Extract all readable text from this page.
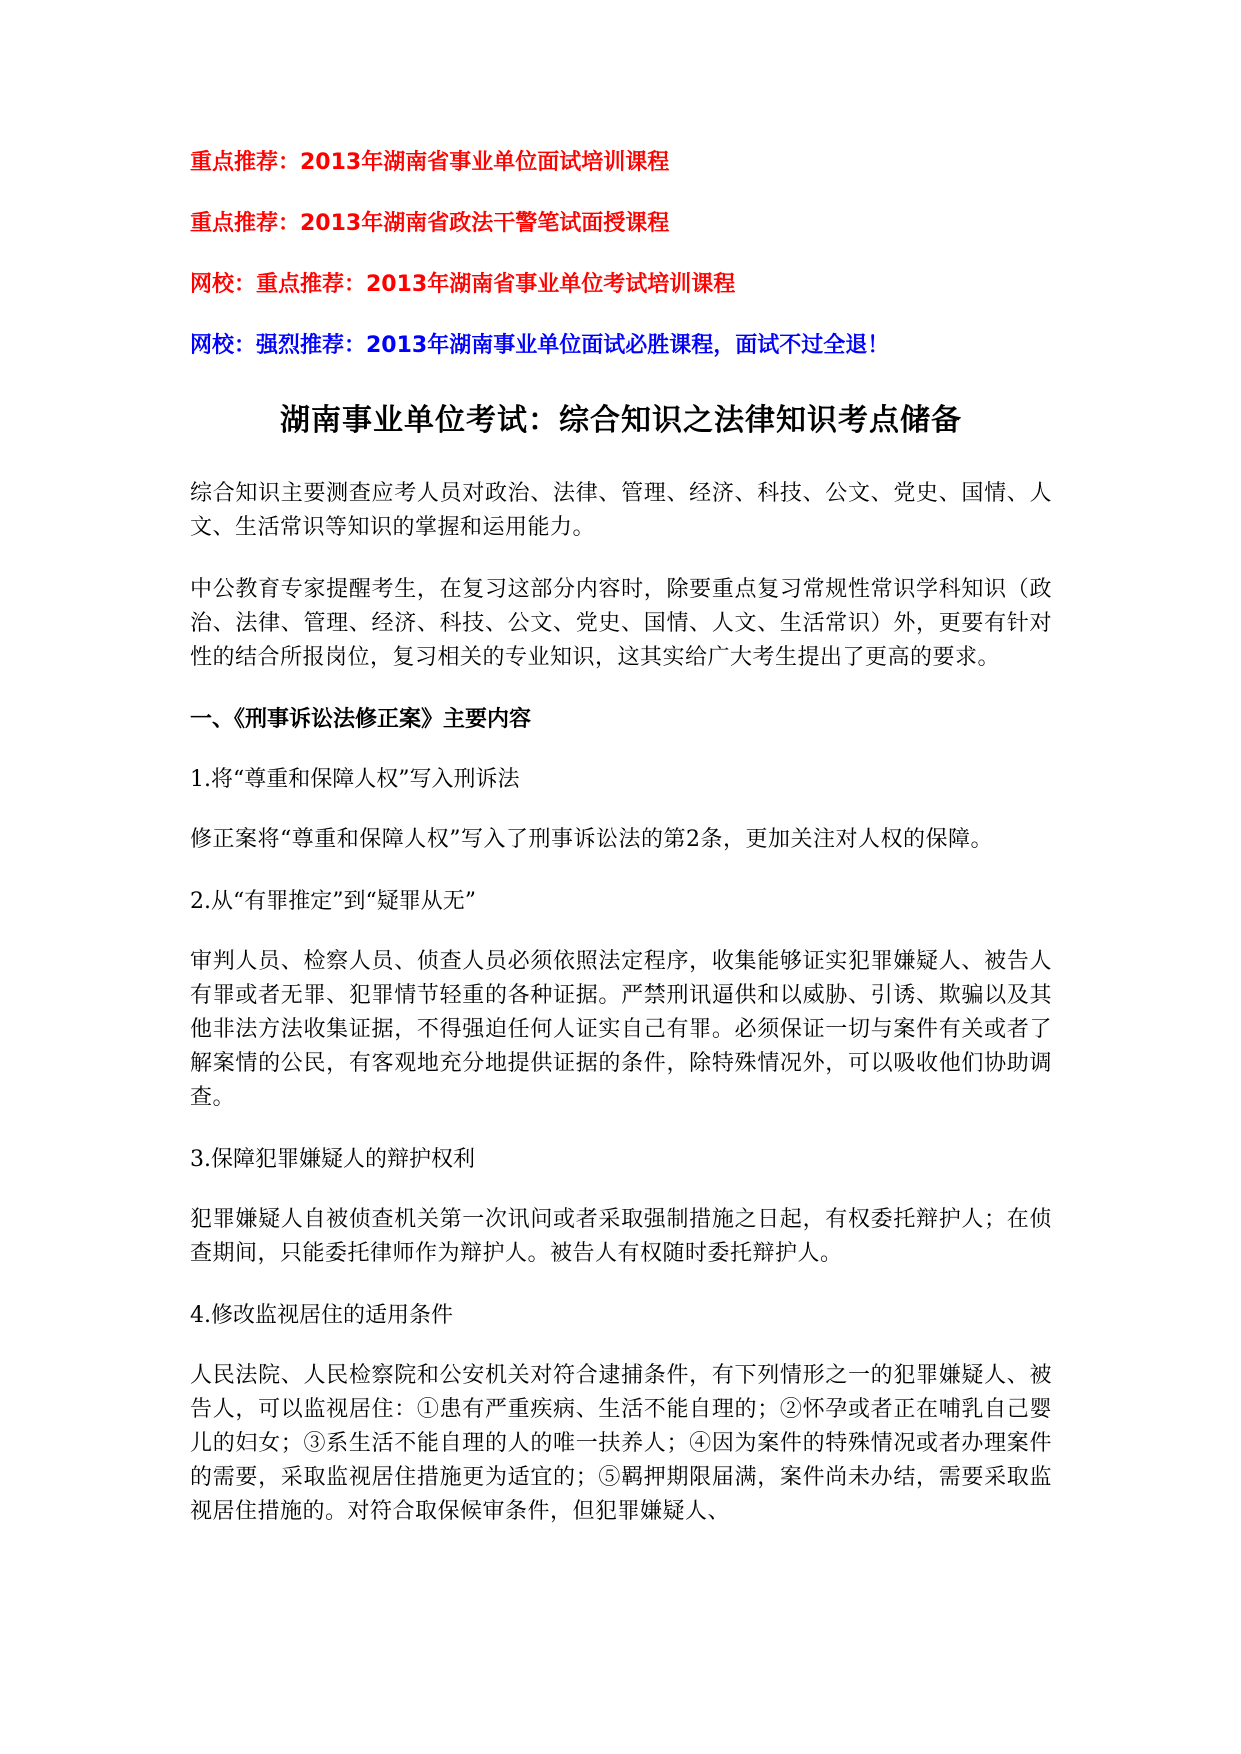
重点推荐：2013年湖南省事业单位面试培训课程
重点推荐：2013年湖南省政法干警笔试面授课程
网校：重点推荐：2013年湖南省事业单位考试培训课程
网校：强烈推荐：2013年湖南事业单位面试必胜课程，面试不过全退！
湖南事业单位考试：综合知识之法律知识考点储备

综合知识主要测查应考人员对政治、法律、管理、经济、科技、公文、党史、国情、人文、生活常识等知识的掌握和运用能力。

中公教育专家提醒考生，在复习这部分内容时，除要重点复习常规性常识学科知识（政治、法律、管理、经济、科技、公文、党史、国情、人文、生活常识）外，更要有针对性的结合所报岗位，复习相关的专业知识，这其实给广大考生提出了更高的要求。

一、《刑事诉讼法修正案》主要内容
1.将“尊重和保障人权”写入刑诉法

修正案将“尊重和保障人权”写入了刑事诉讼法的第2条，更加关注对人权的保障。

2.从“有罪推定”到“疑罪从无”

审判人员、检察人员、侦查人员必须依照法定程序，收集能够证实犯罪嫌疑人、被告人有罪或者无罪、犯罪情节轻重的各种证据。严禁刑讯逼供和以威胁、引诱、欺骗以及其他非法方法收集证据，不得强迫任何人证实自己有罪。必须保证一切与案件有关或者了解案情的公民，有客观地充分地提供证据的条件，除特殊情况外，可以吸收他们协助调查。

3.保障犯罪嫌疑人的辩护权利

犯罪嫌疑人自被侦查机关第一次讯问或者采取强制措施之日起，有权委托辩护人；在侦查期间，只能委托律师作为辩护人。被告人有权随时委托辩护人。

4.修改监视居住的适用条件

人民法院、人民检察院和公安机关对符合逮捕条件，有下列情形之一的犯罪嫌疑人、被告人，可以监视居住：①患有严重疾病、生活不能自理的；②怀孕或者正在哺乳自己婴儿的妇女；③系生活不能自理的人的唯一扶养人；④因为案件的特殊情况或者办理案件的需要，采取监视居住措施更为适宜的；⑤羁押期限届满，案件尚未办结，需要采取监视居住措施的。对符合取保候审条件，但犯罪嫌疑人、
